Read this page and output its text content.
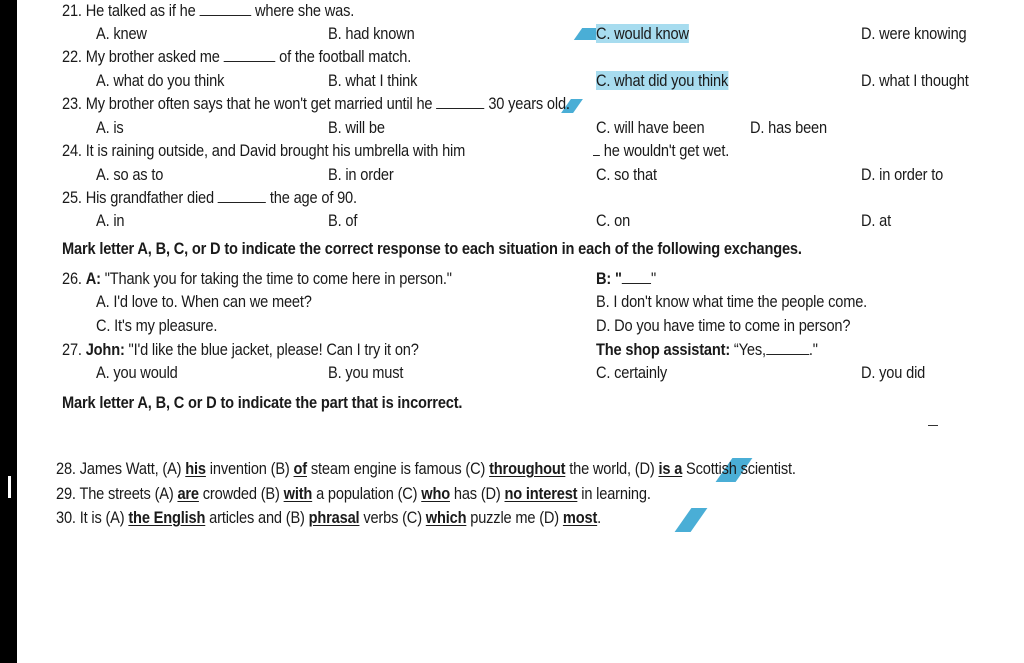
21. He talked as if he	where she was.
A. knew	B. had known	C. would know	D. were knowing
22. My brother asked me	of the football match.
A. what do you think	B. what I think	C. what did you think	D. what I thought
23. My brother often says that he won't get married until he	30 years old.
A. is	B. will be	C. will have been	D. has been
24. It is raining outside, and David brought his umbrella with him	he wouldn't get wet.
A. so as to	B. in order	C. so that	D. in order to
25. His grandfather died	the age of 90.
A. in	B. of	C. on	D. at
Mark letter A, B, C, or D to indicate the correct response to each situation in each of the following exchanges.
26. A: "Thank you for taking the time to come here in person."	B: " "
A. I'd love to. When can we meet?	B. I don't know what time the people come.
C. It's my pleasure.	D. Do you have time to come in person?
27. John: "I'd like the blue jacket, please! Can I try it on?	The shop assistant: “Yes,	."
A. you would	B. you must	C. certainly	D. you did
Mark letter A, B, C or D to indicate the part that is incorrect.
28. James Watt, (A) his invention (B) of steam engine is famous (C) throughout the world, (D) is a Scottish scientist.
29. The streets (A) are crowded (B) with a population (C) who has (D) no interest in learning.
30. It is (A) the English articles and (B) phrasal verbs (C) which puzzle me (D) most.
